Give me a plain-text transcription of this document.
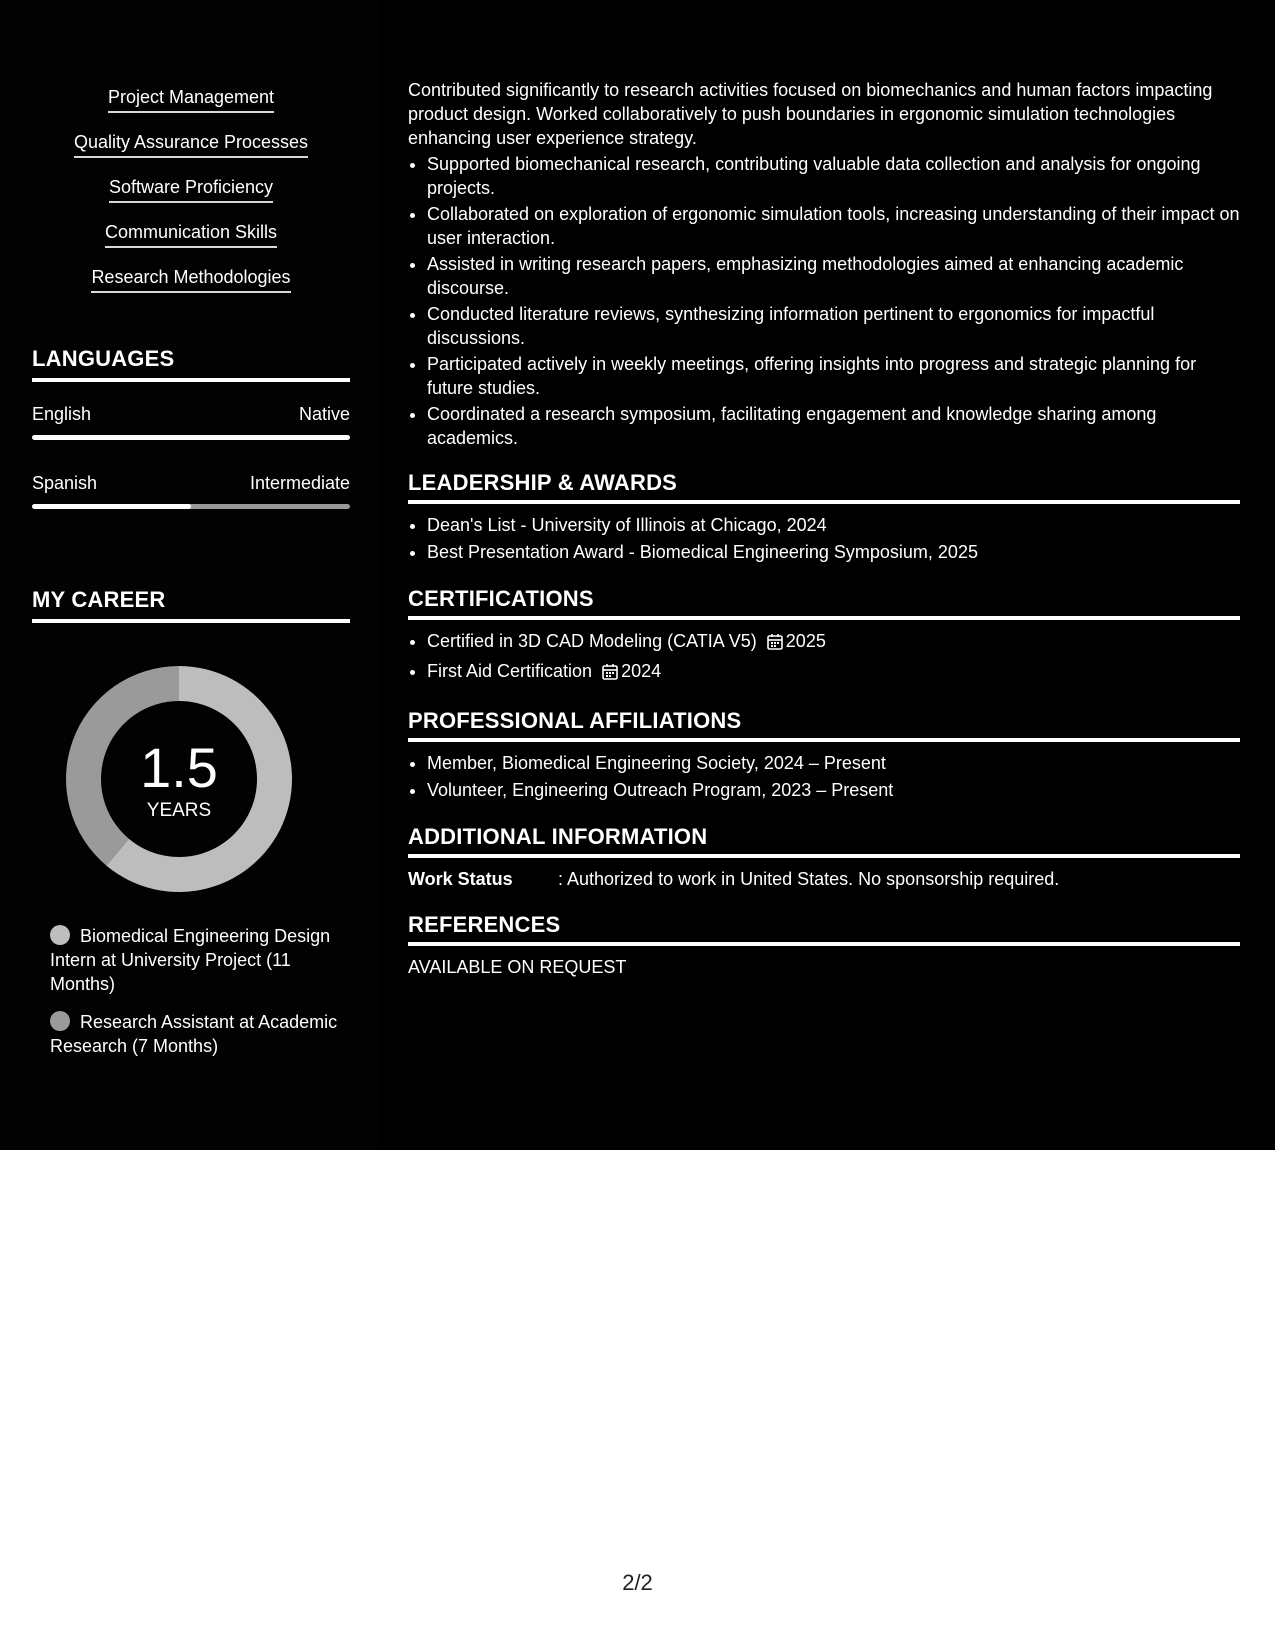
Project Management
Quality Assurance Processes
Software Proficiency
Communication Skills
Research Methodologies
LANGUAGES
English	Native
Spanish	Intermediate
MY CAREER
1.5
YEARS
Biomedical Engineering Design Intern at University Project (11 Months)
Research Assistant at Academic Research (7 Months)

Contributed significantly to research activities focused on biomechanics and human factors impacting product design. Worked collaboratively to push boundaries in ergonomic simulation technologies enhancing user experience strategy.

• Supported biomechanical research, contributing valuable data collection and analysis for ongoing projects.
• Collaborated on exploration of ergonomic simulation tools, increasing understanding of their impact on user interaction.
• Assisted in writing research papers, emphasizing methodologies aimed at enhancing academic discourse.
• Conducted literature reviews, synthesizing information pertinent to ergonomics for impactful discussions.
• Participated actively in weekly meetings, offering insights into progress and strategic planning for future studies.
• Coordinated a research symposium, facilitating engagement and knowledge sharing among academics.
LEADERSHIP & AWARDS
• Dean's List - University of Illinois at Chicago, 2024
• Best Presentation Award - Biomedical Engineering Symposium, 2025
CERTIFICATIONS
• Certified in 3D CAD Modeling (CATIA V5) 2025
• First Aid Certification 2024
PROFESSIONAL AFFILIATIONS
• Member, Biomedical Engineering Society, 2024 – Present
• Volunteer, Engineering Outreach Program, 2023 – Present
ADDITIONAL INFORMATION
Work Status	: Authorized to work in United States. No sponsorship required.
REFERENCES
AVAILABLE ON REQUEST
2/2
